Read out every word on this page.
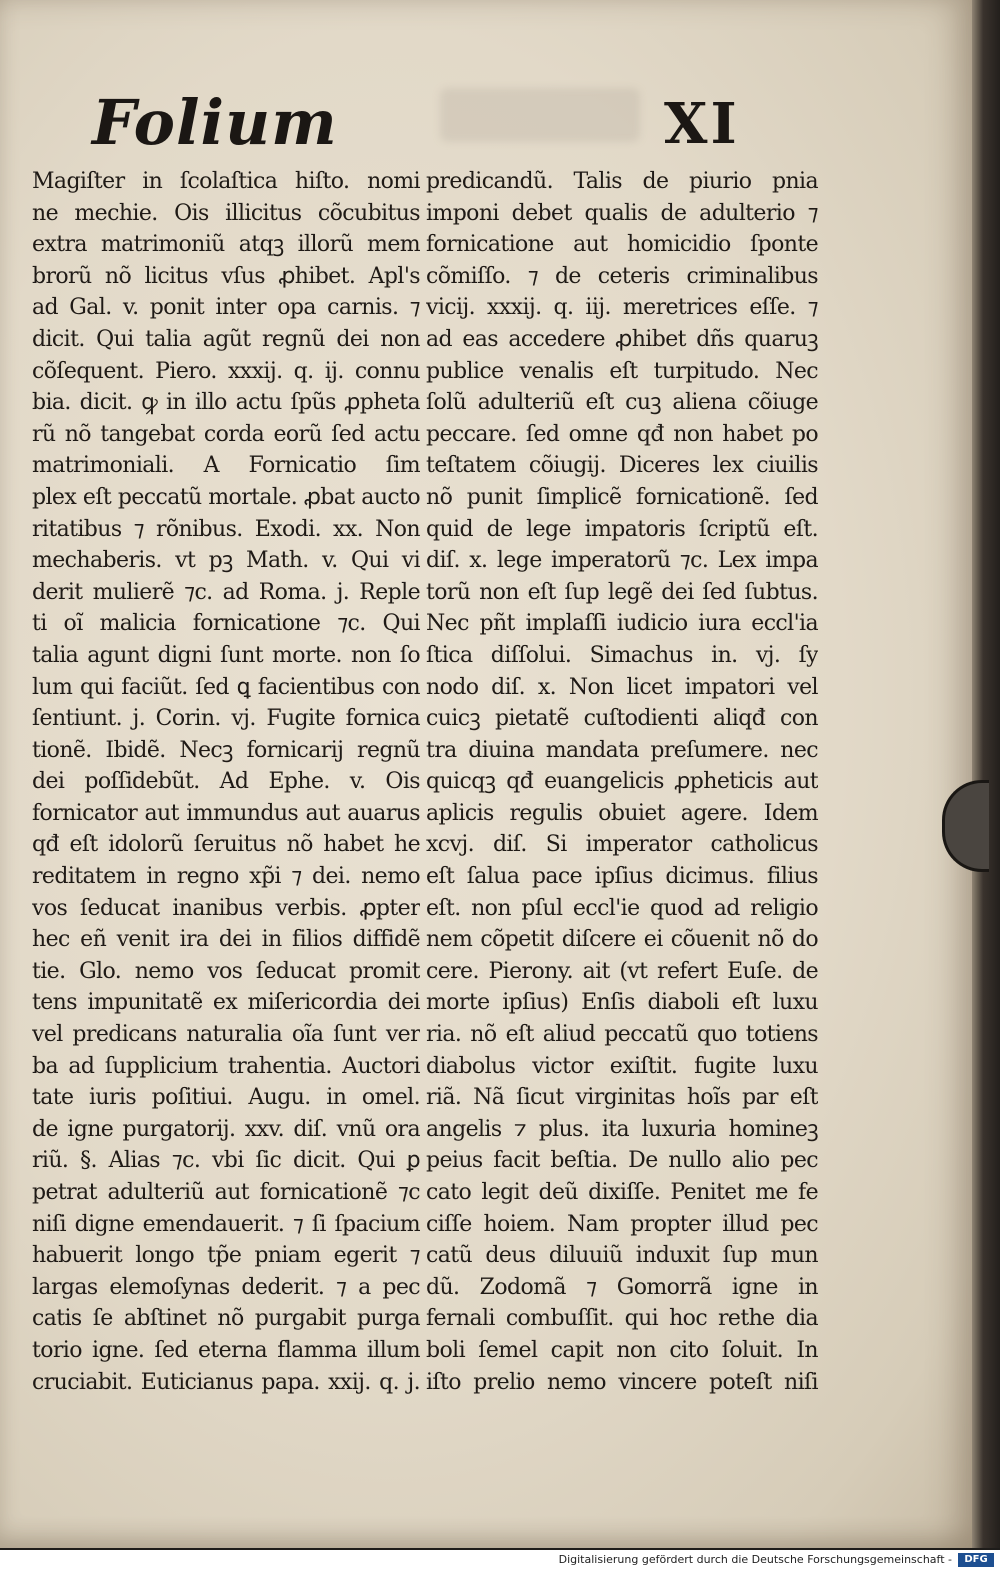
Folium	XI
Magiſter in ſcolaſtica hiſto. nomi
ne mechie. Ois illicitus cõcubitus
extra matrimoniũ atqꝫ illorũ mem
brorũ nõ licitus vſus ꝓhibet. Apl's
ad Gal. v. ponit inter opa carnis. ⁊
dicit. Qui talia agũt regnũ dei non
cõſequent. Piero. xxxij. q. ij. connu
bia. dicit. ꝙ in illo actu ſpũs ꝓpheta
rũ nõ tangebat corda eorũ ſed actu
matrimoniali. A Fornicatio ſim
plex eſt peccatũ mortale. ꝓbat aucto
ritatibus ⁊ rõnibus. Exodi. xx. Non
mechaberis. vt pꝫ Math. v. Qui vi
derit mulierẽ ⁊c. ad Roma. j. Reple
ti oĩ malicia fornicatione ⁊c. Qui
talia agunt digni ſunt morte. non ſo
lum qui faciũt. ſed ꝗ facientibus con
ſentiunt. j. Corin. vj. Fugite fornica
tionẽ. Ibidẽ. Necꝫ fornicarij regnũ
dei poſſidebũt. Ad Ephe. v. Ois
fornicator aut immundus aut auarus
qđ eſt idolorũ ſeruitus nõ habet he
reditatem in regno xp̃i ⁊ dei. nemo
vos ſeducat inanibus verbis. ꝓpter
hec eñ venit ira dei in filios diffidẽ
tie. Glo. nemo vos ſeducat promit
tens impunitatẽ ex miſericordia dei
vel predicans naturalia oĩa ſunt ver
ba ad ſupplicium trahentia. Auctori
tate iuris poſitiui. Augu. in omel.
de igne purgatorij. xxv. diſ. vnũ ora
riũ. §. Alias ⁊c. vbi ſic dicit. Qui ꝑ
petrat adulteriũ aut fornicationẽ ⁊c
niſi digne emendauerit. ⁊ ſi ſpacium
habuerit longo tp̃e pniam egerit ⁊
largas elemoſynas dederit. ⁊ a pec
catis ſe abſtinet nõ purgabit purga
torio igne. ſed eterna flamma illum
cruciabit. Euticianus papa. xxij. q. j.
predicandũ. Talis de piurio pnia
imponi debet qualis de adulterio ⁊
fornicatione aut homicidio ſponte
cõmiſſo. ⁊ de ceteris criminalibus
vicij. xxxij. q. iij. meretrices eſſe. ⁊
ad eas accedere ꝓhibet dñs quaruꝫ
publice venalis eſt turpitudo. Nec
ſolũ adulteriũ eſt cuꝫ aliena cõiuge
peccare. ſed omne qđ non habet po
teſtatem cõiugij. Diceres lex ciuilis
nõ punit ſimplicẽ fornicationẽ. ſed
quid de lege impatoris ſcriptũ eſt.
diſ. x. lege imperatorũ ⁊c. Lex impa
torũ non eſt ſup legẽ dei ſed ſubtus.
Nec pñt implaſſi iudicio iura eccl'ia
ſtica diſſolui. Simachus in. vj. ſy
nodo diſ. x. Non licet impatori vel
cuicꝫ pietatẽ cuſtodienti aliqđ con
tra diuina mandata preſumere. nec
quicqꝫ qđ euangelicis ꝓpheticis aut
aplicis regulis obuiet agere. Idem
xcvj. diſ. Si imperator catholicus
eſt ſalua pace ipſius dicimus. filius
eſt. non pſul eccl'ie quod ad religio
nem cõpetit diſcere ei cõuenit nõ do
cere. Pierony. ait (vt refert Euſe. de
morte ipſius) Enſis diaboli eſt luxu
ria. nõ eſt aliud peccatũ quo totiens
diabolus victor exiſtit. fugite luxu
riã. Nã ſicut virginitas hoĩs par eſt
angelis ⁊ plus. ita luxuria homineꝫ
peius facit beſtia. De nullo alio pec
cato legit deũ dixiſſe. Penitet me fe
ciſſe hoiem. Nam propter illud pec
catũ deus diluuiũ induxit ſup mun
dũ. Zodomã ⁊ Gomorrã igne in
fernali combuſſit. qui hoc rethe dia
boli ſemel capit non cito ſoluit. In
iſto prelio nemo vincere poteſt niſi
Digitalisierung gefördert durch die Deutsche Forschungsgemeinschaft -	DFG
